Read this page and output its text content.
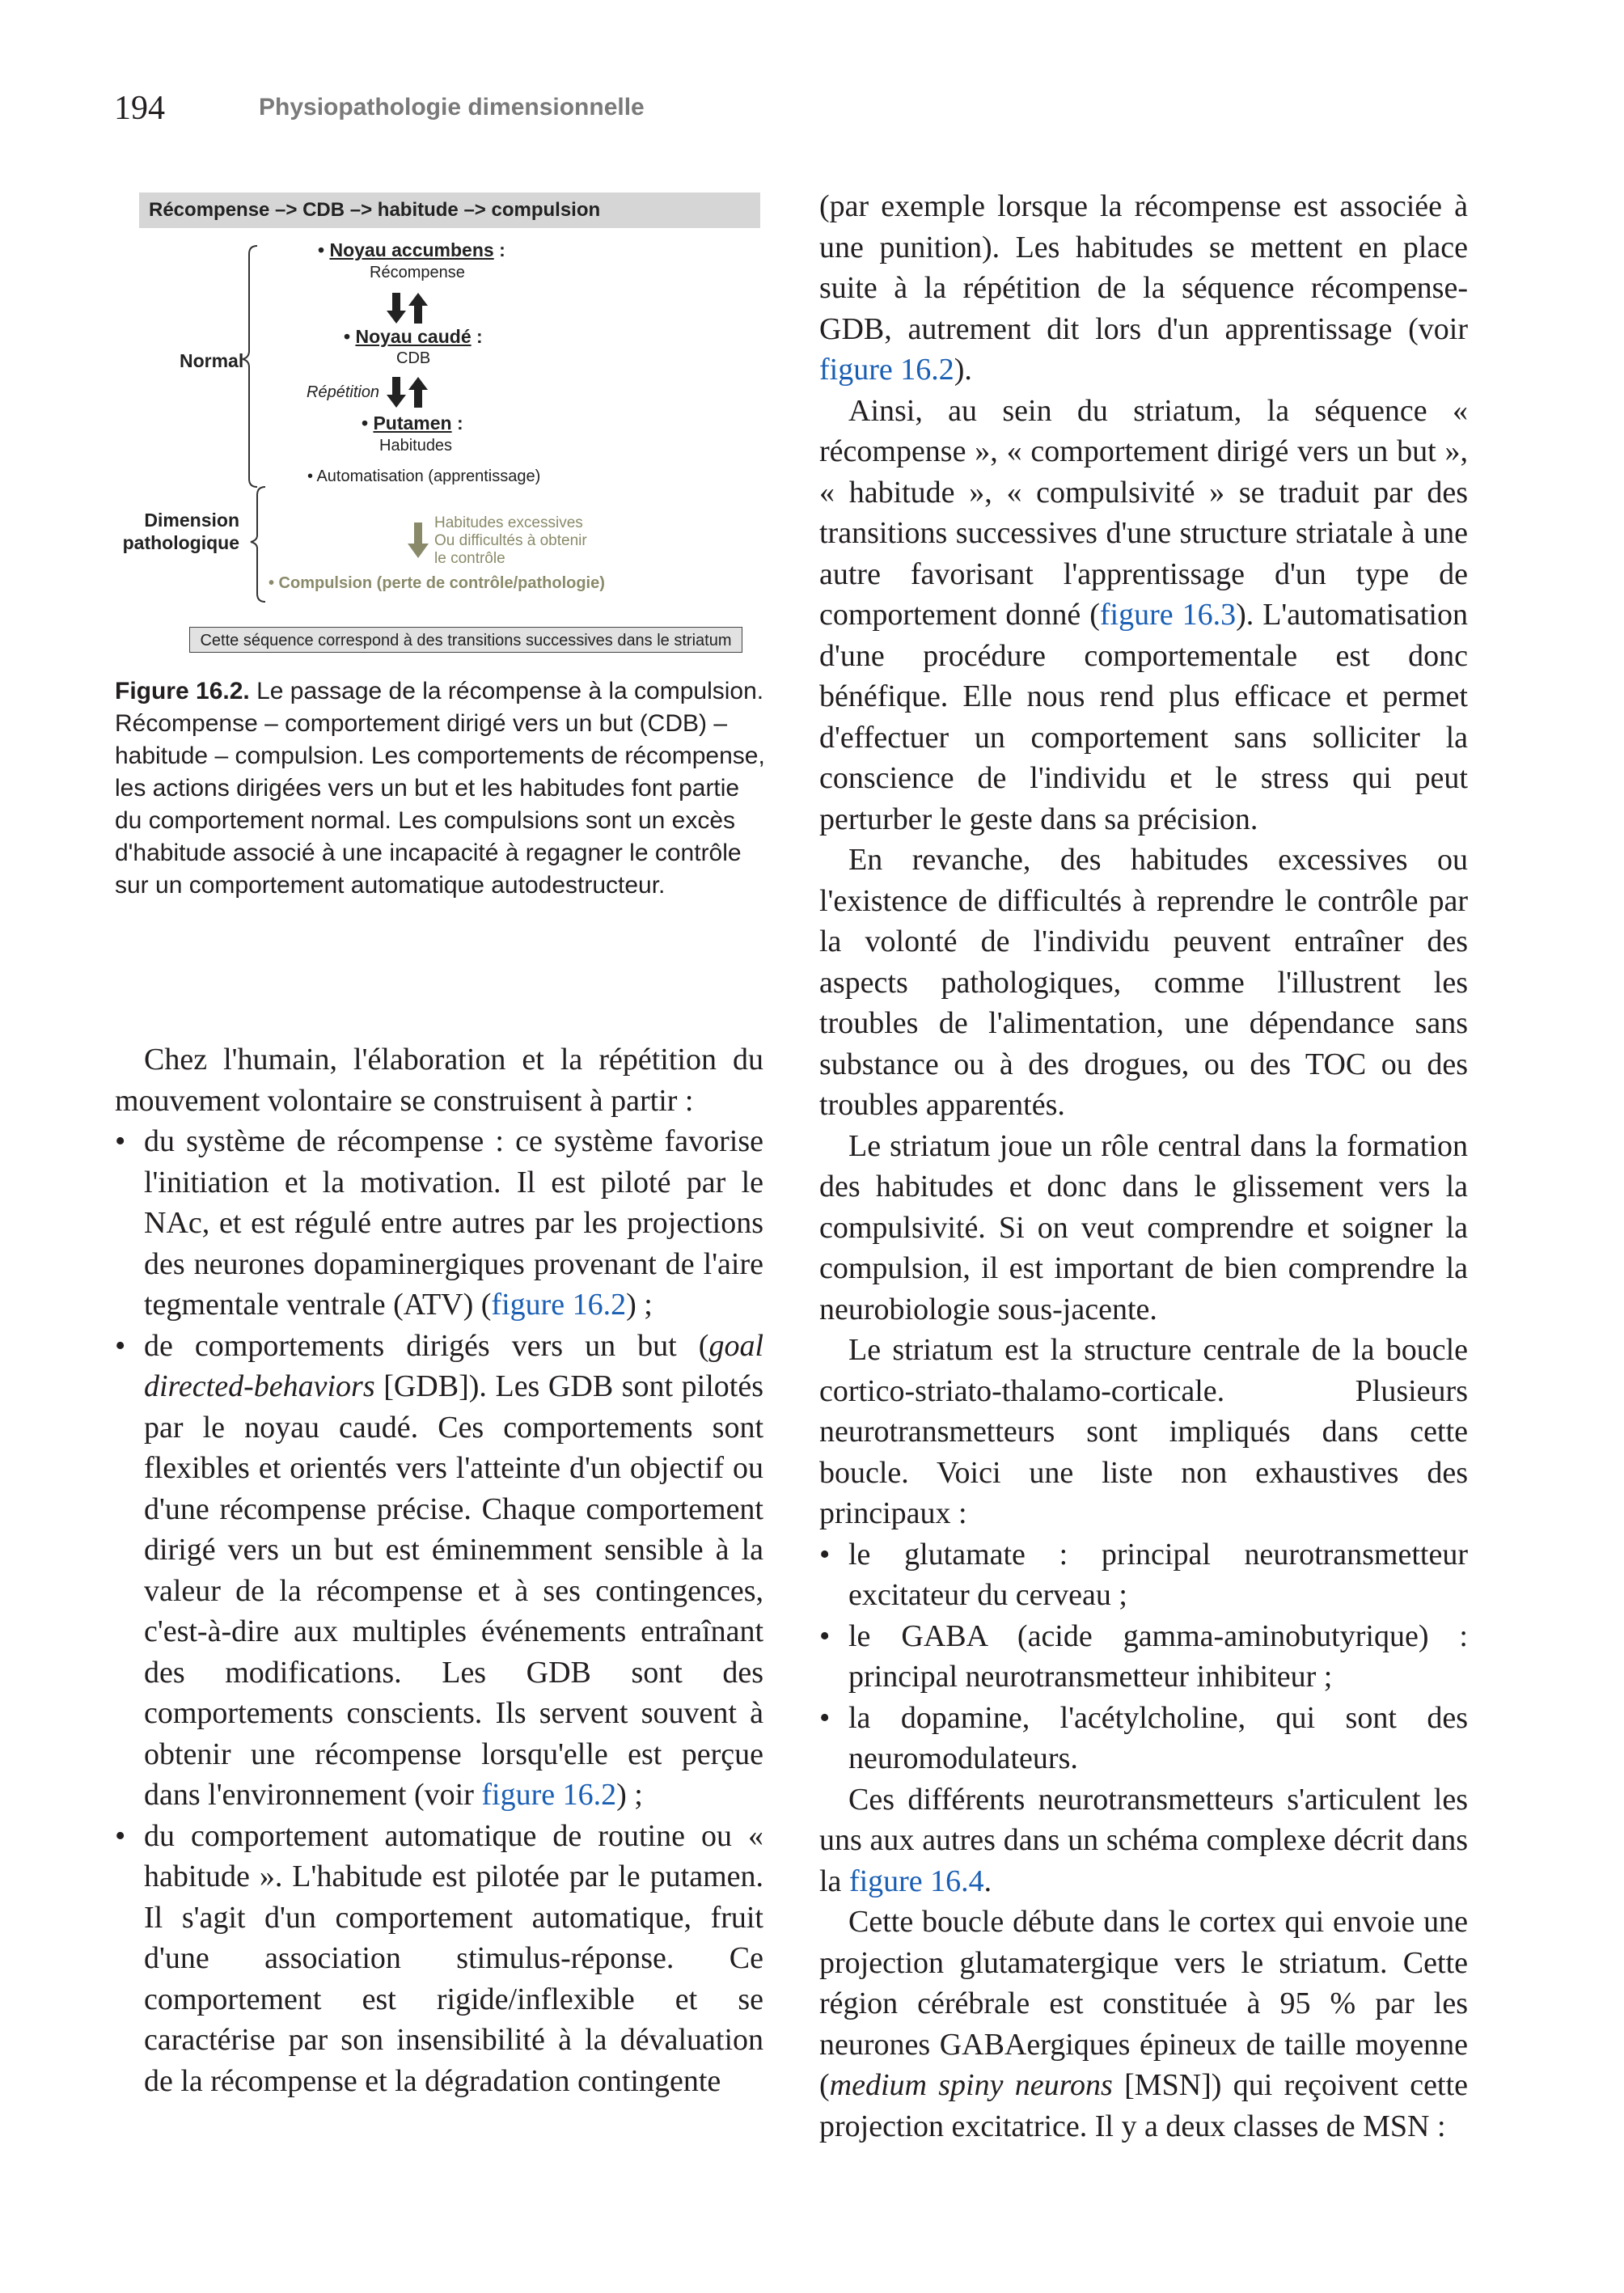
194	Physiopathologie dimensionnelle
Récompense –> CDB –> habitude –> compulsion
Normal
Dimension
pathologique
• Noyau accumbens :
Récompense
• Noyau caudé :
CDB
Répétition
• Putamen :
Habitudes
• Automatisation (apprentissage)
Habitudes excessives
Ou difficultés à obtenir
le contrôle
• Compulsion (perte de contrôle/pathologie)
Cette séquence correspond à des transitions successives dans le striatum

Figure 16.2. Le passage de la récompense à la compulsion.

Récompense – comportement dirigé vers un but (CDB) – habitude – compulsion. Les comportements de récompense, les actions dirigées vers un but et les habitudes font partie du comportement normal. Les compulsions sont un excès d'habitude associé à une incapacité à regagner le contrôle sur un comportement automatique autodestructeur.

Chez l'humain, l'élaboration et la répétition du mouvement volontaire se construisent à partir :

• du système de récompense : ce système favorise l'initiation et la motivation. Il est piloté par le NAc, et est régulé entre autres par les projections des neurones dopaminergiques provenant de l'aire tegmentale ventrale (ATV) (figure 16.2) ;
• de comportements dirigés vers un but (goal directed-behaviors [GDB]). Les GDB sont pilotés par le noyau caudé. Ces comportements sont flexibles et orientés vers l'atteinte d'un objectif ou d'une récompense précise. Chaque comportement dirigé vers un but est éminemment sensible à la valeur de la récompense et à ses contingences, c'est-à-dire aux multiples événements entraînant des modifications. Les GDB sont des comportements conscients. Ils servent souvent à obtenir une récompense lorsqu'elle est perçue dans l'environnement (voir figure 16.2) ;
• du comportement automatique de routine ou « habitude ». L'habitude est pilotée par le putamen. Il s'agit d'un comportement automatique, fruit d'une association stimulus-réponse. Ce comportement est rigide/inflexible et se caractérise par son insensibilité à la dévaluation de la récompense et la dégradation contingente

(par exemple lorsque la récompense est associée à une punition). Les habitudes se mettent en place suite à la répétition de la séquence récompense-GDB, autrement dit lors d'un apprentissage (voir figure 16.2).

Ainsi, au sein du striatum, la séquence « récompense », « comportement dirigé vers un but », « habitude », « compulsivité » se traduit par des transitions successives d'une structure striatale à une autre favorisant l'apprentissage d'un type de comportement donné (figure 16.3). L'automatisation d'une procédure comportementale est donc bénéfique. Elle nous rend plus efficace et permet d'effectuer un comportement sans solliciter la conscience de l'individu et le stress qui peut perturber le geste dans sa précision.

En revanche, des habitudes excessives ou l'existence de difficultés à reprendre le contrôle par la volonté de l'individu peuvent entraîner des aspects pathologiques, comme l'illustrent les troubles de l'alimentation, une dépendance sans substance ou à des drogues, ou des TOC ou des troubles apparentés.

Le striatum joue un rôle central dans la formation des habitudes et donc dans le glissement vers la compulsivité. Si on veut comprendre et soigner la compulsion, il est important de bien comprendre la neurobiologie sous-jacente.

Le striatum est la structure centrale de la boucle cortico-striato-thalamo-corticale. Plusieurs neurotransmetteurs sont impliqués dans cette boucle. Voici une liste non exhaustives des principaux :

• le glutamate : principal neurotransmetteur excitateur du cerveau ;
• le GABA (acide gamma-aminobutyrique) : principal neurotransmetteur inhibiteur ;
• la dopamine, l'acétylcholine, qui sont des neuromodulateurs.

Ces différents neurotransmetteurs s'articulent les uns aux autres dans un schéma complexe décrit dans la figure 16.4.

Cette boucle débute dans le cortex qui envoie une projection glutamatergique vers le striatum. Cette région cérébrale est constituée à 95 % par les neurones GABAergiques épineux de taille moyenne (medium spiny neurons [MSN]) qui reçoivent cette projection excitatrice. Il y a deux classes de MSN :
